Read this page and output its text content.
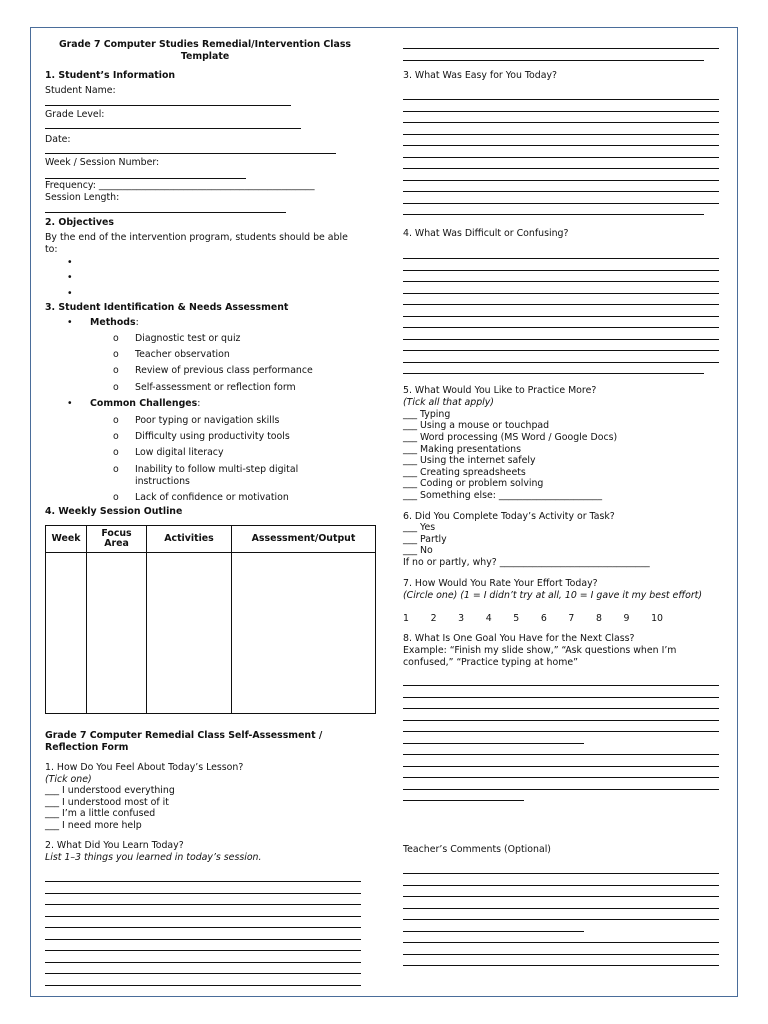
Grade 7 Computer Studies Remedial/Intervention Class Template
1. Student’s Information
Student Name:
Grade Level:
Date:
Week / Session Number:
Frequency: ______________________________________________
Session Length:
2. Objectives
By the end of the intervention program, students should be able to:
•
•
•
3. Student Identification & Needs Assessment
• Methods:
o Diagnostic test or quiz
o Teacher observation
o Review of previous class performance
o Self-assessment or reflection form
• Common Challenges:
o Poor typing or navigation skills
o Difficulty using productivity tools
o Low digital literacy
o Inability to follow multi-step digital instructions
o Lack of confidence or motivation
4. Weekly Session Outline
Week	Focus Area	Activities	Assessment/Output

Grade 7 Computer Remedial Class Self-Assessment / Reflection Form
1. How Do You Feel About Today’s Lesson?
(Tick one)
___ I understood everything
___ I understood most of it
___ I’m a little confused
___ I need more help
2. What Did You Learn Today?
List 1–3 things you learned in today’s session.
3. What Was Easy for You Today?
4. What Was Difficult or Confusing?
5. What Would You Like to Practice More?
(Tick all that apply)
___ Typing
___ Using a mouse or touchpad
___ Word processing (MS Word / Google Docs)
___ Making presentations
___ Using the internet safely
___ Creating spreadsheets
___ Coding or problem solving
___ Something else: ______________________
6. Did You Complete Today’s Activity or Task?
___ Yes
___ Partly
___ No
If no or partly, why? ________________________________
7. How Would You Rate Your Effort Today?
(Circle one) (1 = I didn’t try at all, 10 = I gave it my best effort)
1 2 3 4 5 6 7 8 9 10
8. What Is One Goal You Have for the Next Class?
Example: “Finish my slide show,” “Ask questions when I’m confused,” “Practice typing at home”
Teacher’s Comments (Optional)
